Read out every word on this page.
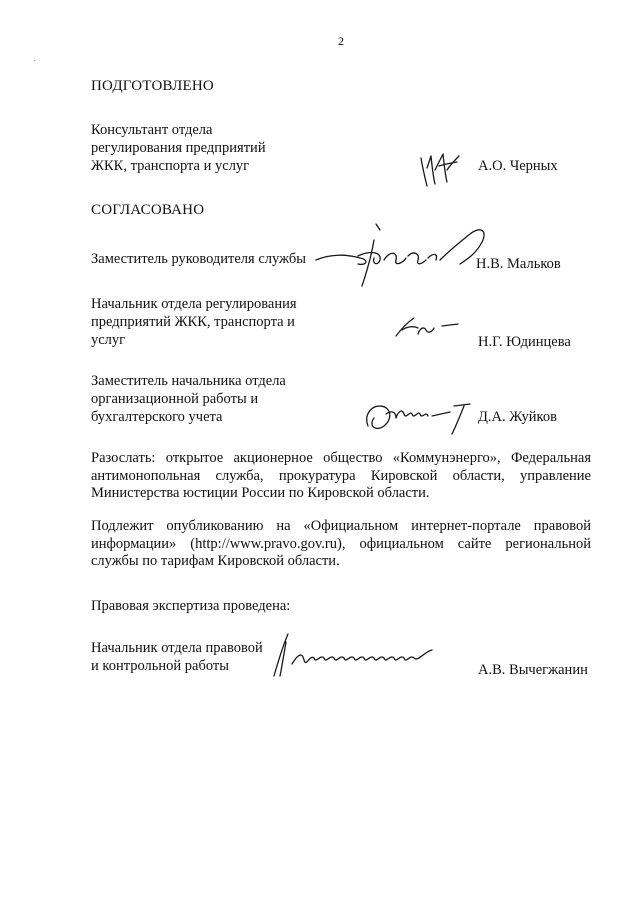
2
ПОДГОТОВЛЕНО
Консультант отдела
регулирования предприятий
ЖКК, транспорта и услуг	А.О. Черных
СОГЛАСОВАНО
Заместитель руководителя службы	Н.В. Мальков
Начальник отдела регулирования
предприятий ЖКК, транспорта и
услуг	Н.Г. Юдинцева
Заместитель начальника отдела
организационной работы и
бухгалтерского учета	Д.А. Жуйков
Разослать: открытое акционерное общество «Коммунэнерго», Федеральная антимонопольная служба, прокуратура Кировской области, управление Министерства юстиции России по Кировской области.
Подлежит опубликованию на «Официальном интернет-портале правовой информации» (http://www.pravo.gov.ru), официальном сайте региональной службы по тарифам Кировской области.
Правовая экспертиза проведена:
Начальник отдела правовой
и контрольной работы	А.В. Вычегжанин
